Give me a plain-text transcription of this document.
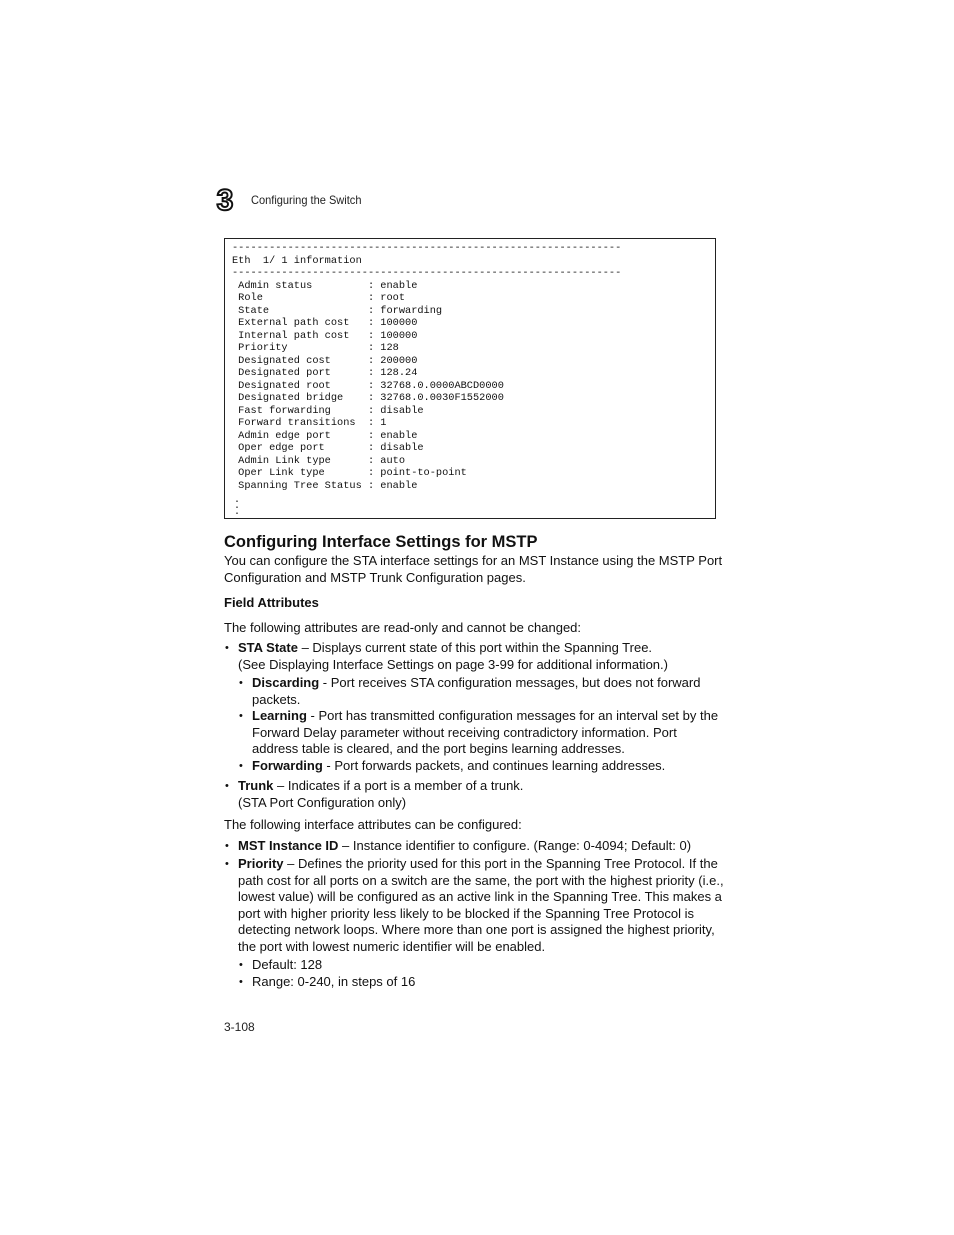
3	Configuring the Switch
---------------------------------------------------------------
Eth  1/ 1 information
---------------------------------------------------------------
Admin status         : enable
Role                 : root
State                : forwarding
External path cost   : 100000
Internal path cost   : 100000
Priority             : 128
Designated cost      : 200000
Designated port      : 128.24
Designated root      : 32768.0.0000ABCD0000
Designated bridge    : 32768.0.0030F1552000
Fast forwarding      : disable
Forward transitions  : 1
Admin edge port      : enable
Oper edge port       : disable
Admin Link type      : auto
Oper Link type       : point-to-point
Spanning Tree Status : enable

.
.
.
Configuring Interface Settings for MSTP

You can configure the STA interface settings for an MST Instance using the MSTP Port Configuration and MSTP Trunk Configuration pages.

Field Attributes

The following attributes are read-only and cannot be changed:

• STA State – Displays current state of this port within the Spanning Tree.
(See Displaying Interface Settings on page 3-99 for additional information.)
• Discarding - Port receives STA configuration messages, but does not forward packets.
• Learning - Port has transmitted configuration messages for an interval set by the Forward Delay parameter without receiving contradictory information. Port address table is cleared, and the port begins learning addresses.
• Forwarding - Port forwards packets, and continues learning addresses.
• Trunk – Indicates if a port is a member of a trunk.
(STA Port Configuration only)

The following interface attributes can be configured:

• MST Instance ID – Instance identifier to configure. (Range: 0-4094; Default: 0)
• Priority – Defines the priority used for this port in the Spanning Tree Protocol. If the path cost for all ports on a switch are the same, the port with the highest priority (i.e., lowest value) will be configured as an active link in the Spanning Tree. This makes a port with higher priority less likely to be blocked if the Spanning Tree Protocol is detecting network loops. Where more than one port is assigned the highest priority, the port with lowest numeric identifier will be enabled.
• Default: 128
• Range: 0-240, in steps of 16
3-108
